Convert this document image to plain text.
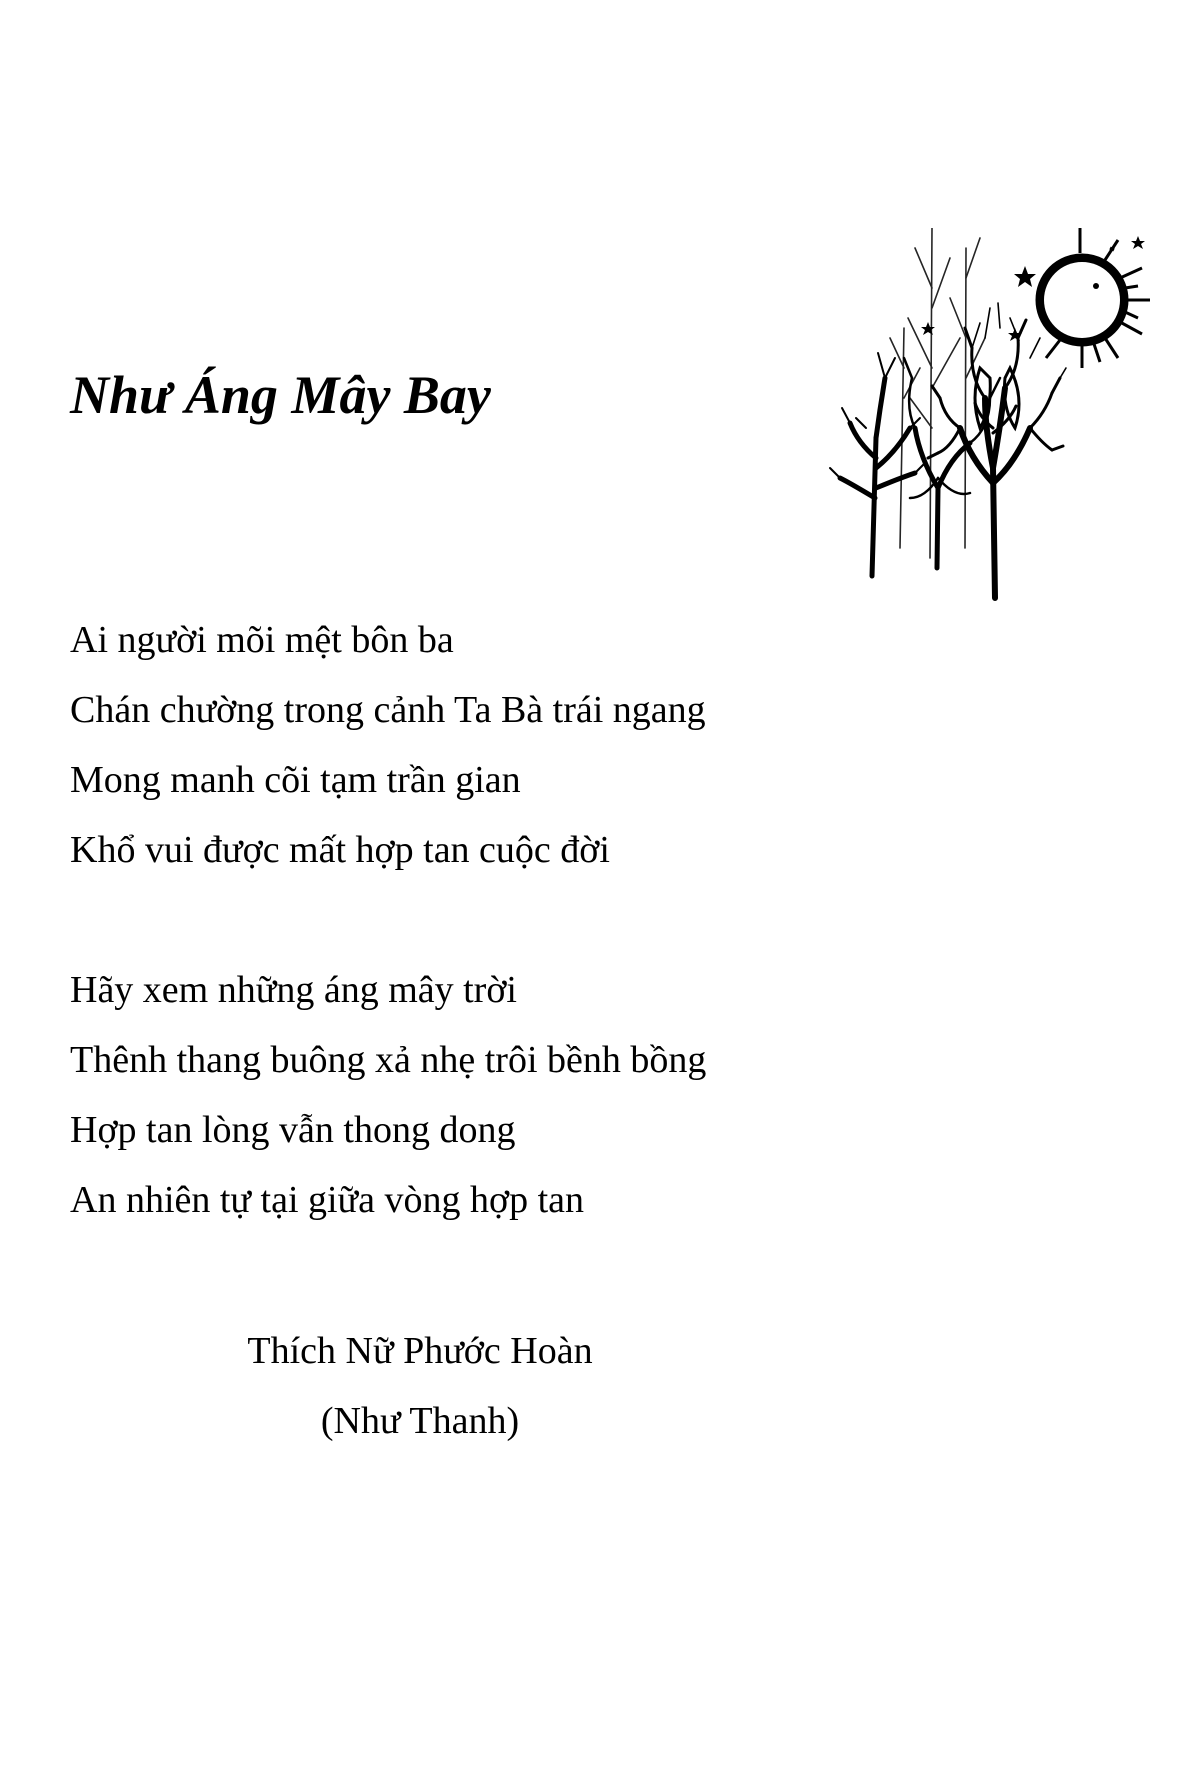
Như Áng Mây Bay
Ai người mõi mệt bôn ba
Chán chường trong cảnh Ta Bà trái ngang
Mong manh cõi tạm trần gian
Khổ vui được mất hợp tan cuộc đời
Hãy xem những áng mây trời
Thênh thang buông xả nhẹ trôi bềnh bồng
Hợp tan lòng vẫn thong dong
An nhiên tự tại giữa vòng hợp tan
Thích Nữ Phước Hoàn
(Như Thanh)
